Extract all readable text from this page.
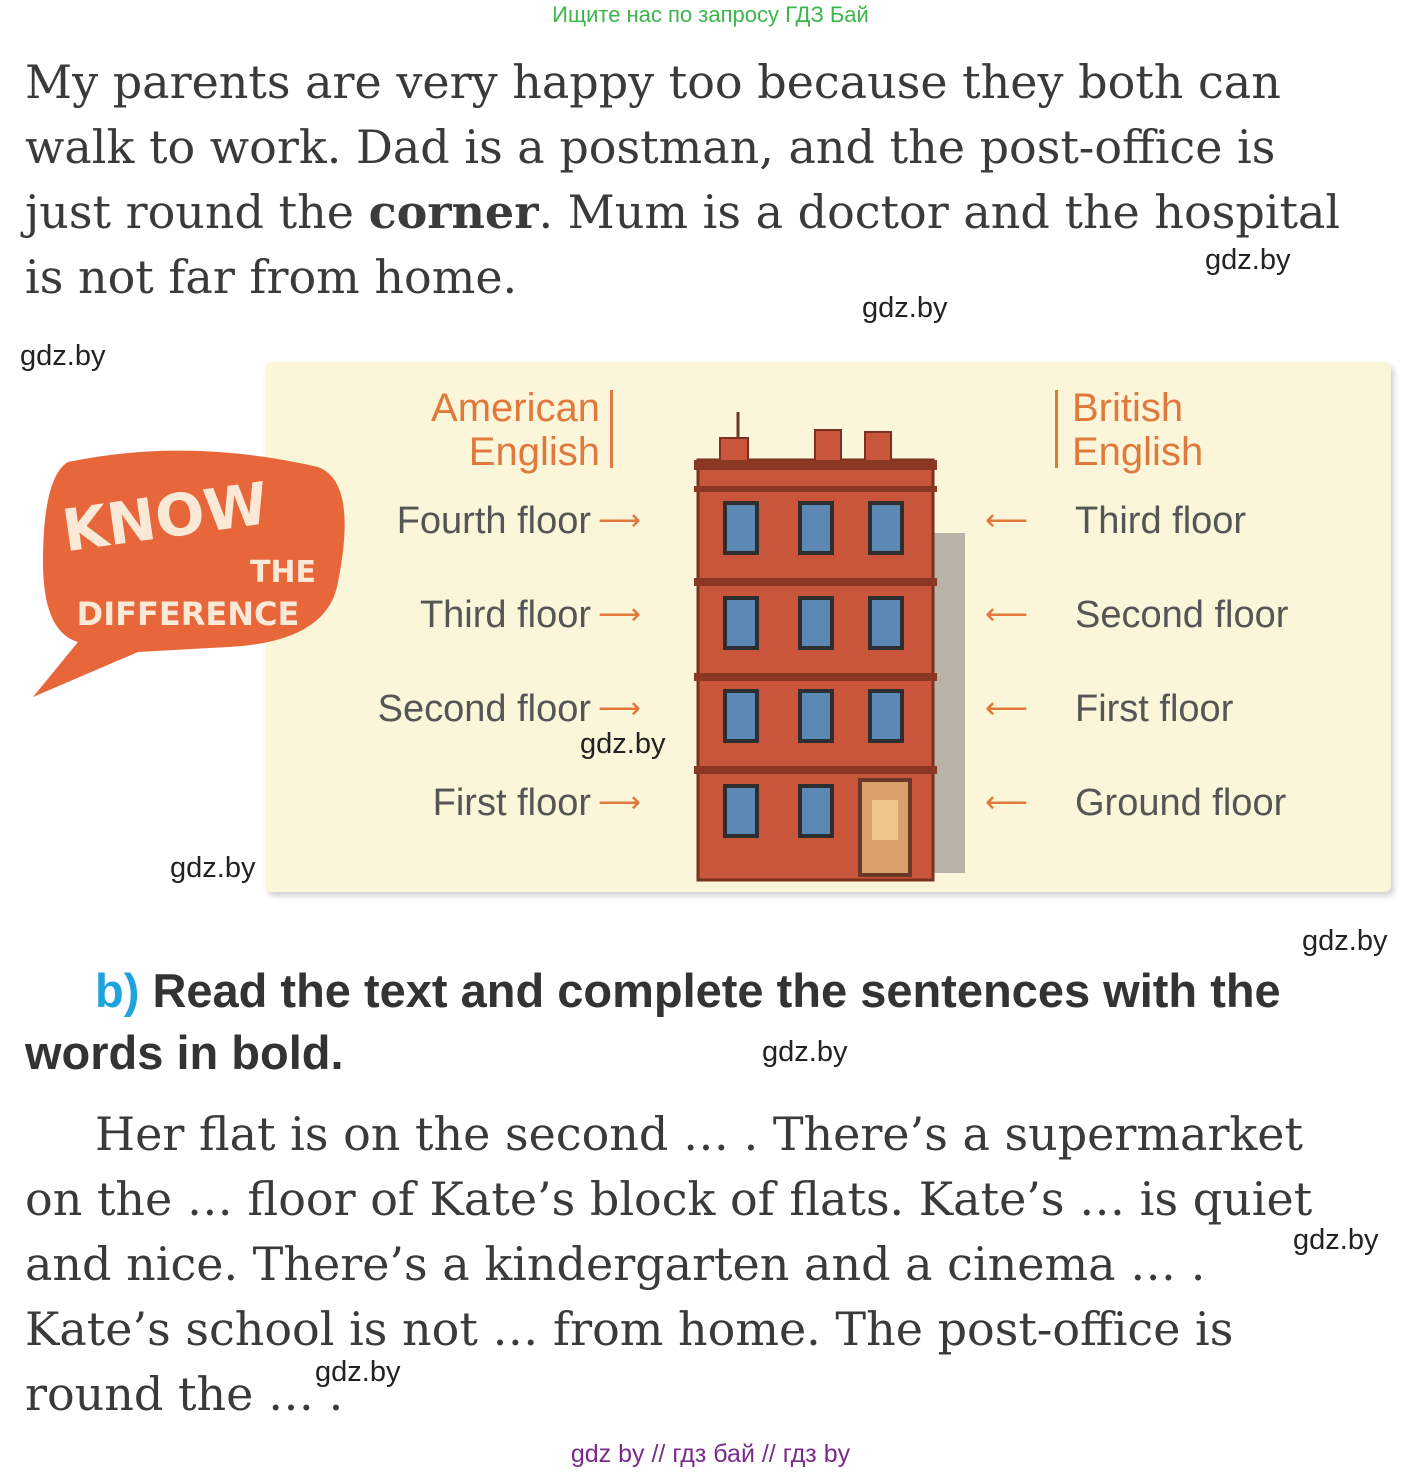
Ищите нас по запросу ГДЗ Бай

My parents are very happy too because they both can
walk to work. Dad is a postman, and the post-office is
just round the corner. Mum is a doctor and the hospital
is not far from home.

KNOW
THE
DIFFERENCE
American
English
British
English
Fourth floor
Third floor
Second floor
First floor
⟶
⟶
⟶
⟶
⟵
⟵
⟵
⟵
Third floor
Second floor
First floor
Ground floor
b) Read the text and complete the sentences with the
words in bold.

Her flat is on the second … . There’s a supermarket
on the … floor of Kate’s block of flats. Kate’s … is quiet
and nice. There’s a kindergarten and a cinema … .
Kate’s school is not … from home. The post-office is
round the … .

gdz.by
gdz.by
gdz.by
gdz.by
gdz.by
gdz.by
gdz.by
gdz.by
gdz.by
gdz by // гдз бай // гдз by
